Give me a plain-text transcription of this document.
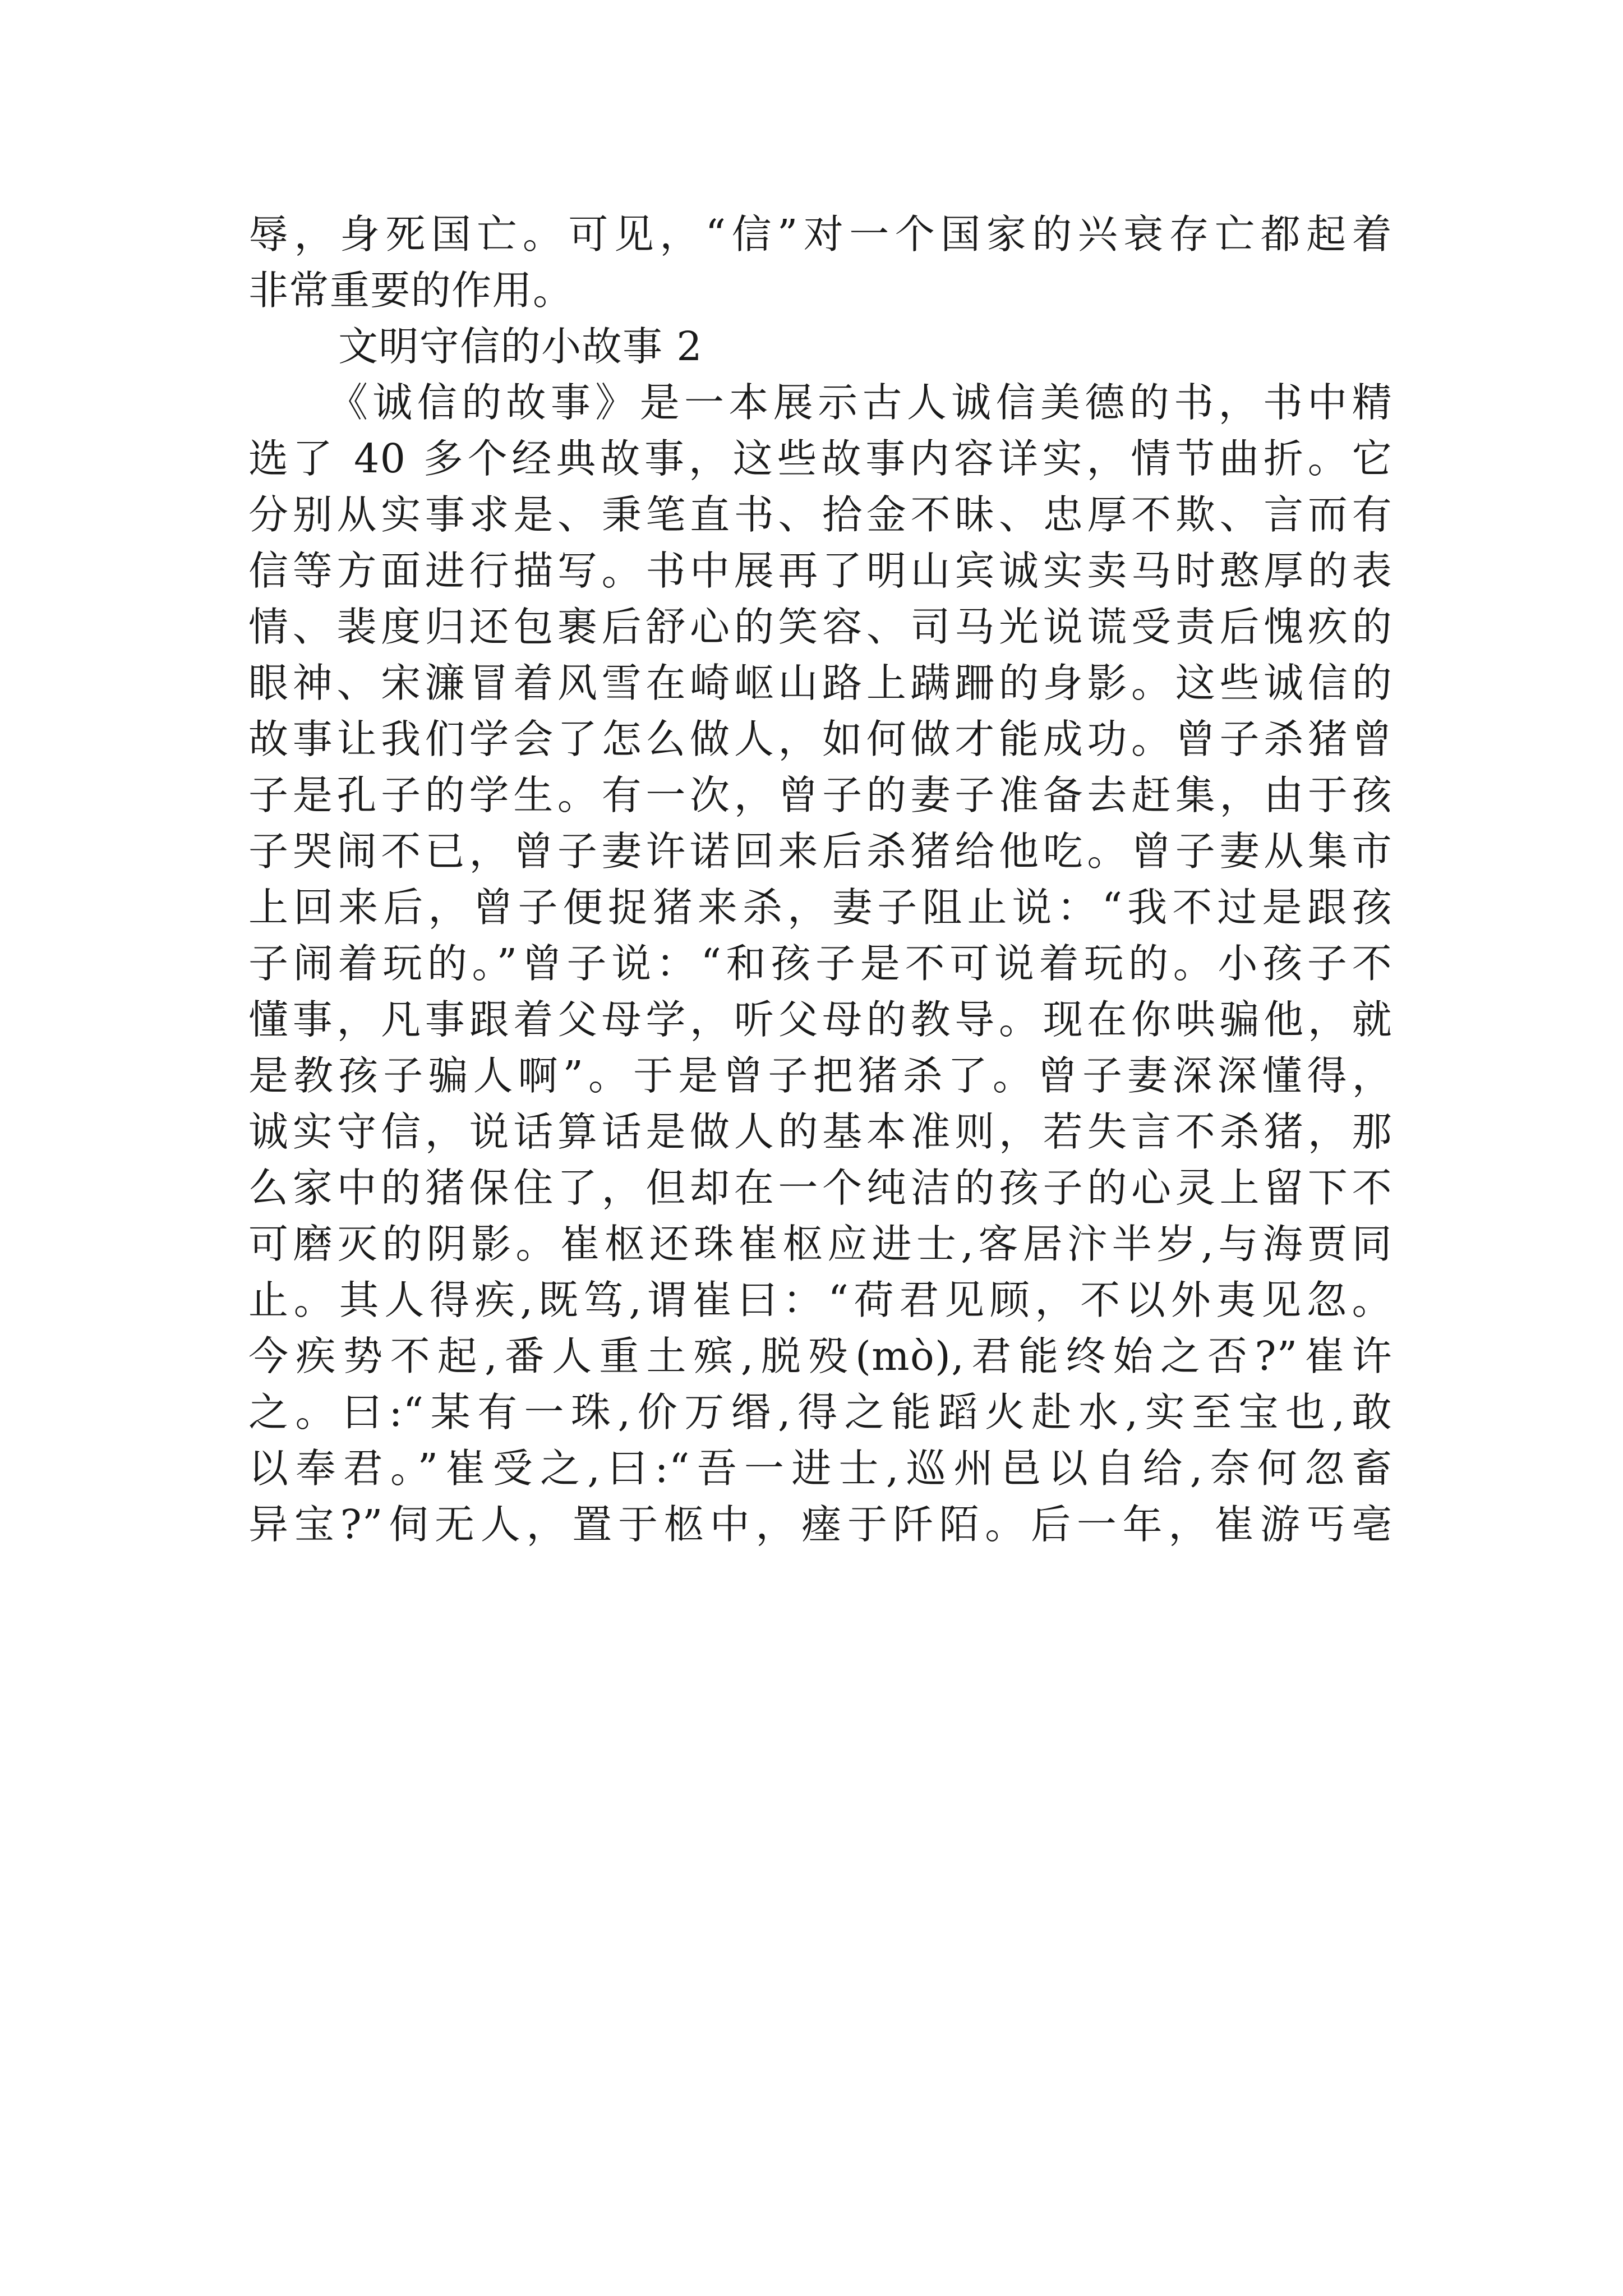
辱，身死国亡。可见，“信”对一个国家的兴衰存亡都起着
非常重要的作用。
文明守信的小故事 2
《诚信的故事》是一本展示古人诚信美德的书，书中精
选了 40 多个经典故事，这些故事内容详实，情节曲折。它
分别从实事求是、秉笔直书、拾金不昧、忠厚不欺、言而有
信等方面进行描写。书中展再了明山宾诚实卖马时憨厚的表
情、裴度归还包裹后舒心的笑容、司马光说谎受责后愧疚的
眼神、宋濂冒着风雪在崎岖山路上蹒跚的身影。这些诚信的
故事让我们学会了怎么做人，如何做才能成功。曾子杀猪曾
子是孔子的学生。有一次，曾子的妻子准备去赶集，由于孩
子哭闹不已，曾子妻许诺回来后杀猪给他吃。曾子妻从集市
上回来后，曾子便捉猪来杀，妻子阻止说：“我不过是跟孩
子闹着玩的。”曾子说：“和孩子是不可说着玩的。小孩子不
懂事，凡事跟着父母学，听父母的教导。现在你哄骗他，就
是教孩子骗人啊”。于是曾子把猪杀了。曾子妻深深懂得，
诚实守信，说话算话是做人的基本准则，若失言不杀猪，那
么家中的猪保住了，但却在一个纯洁的孩子的心灵上留下不
可磨灭的阴影。崔枢还珠崔枢应进士,客居汴半岁,与海贾同
止。其人得疾,既笃,谓崔曰：“荷君见顾，不以外夷见忽。
今疾势不起,番人重土殡,脱殁(mò),君能终始之否?”崔许
之。曰:“某有一珠,价万缗,得之能蹈火赴水,实至宝也,敢
以奉君。”崔受之,曰:“吾一进士,巡州邑以自给,奈何忽畜
异宝?”伺无人，置于柩中，瘗于阡陌。后一年，崔游丐亳
